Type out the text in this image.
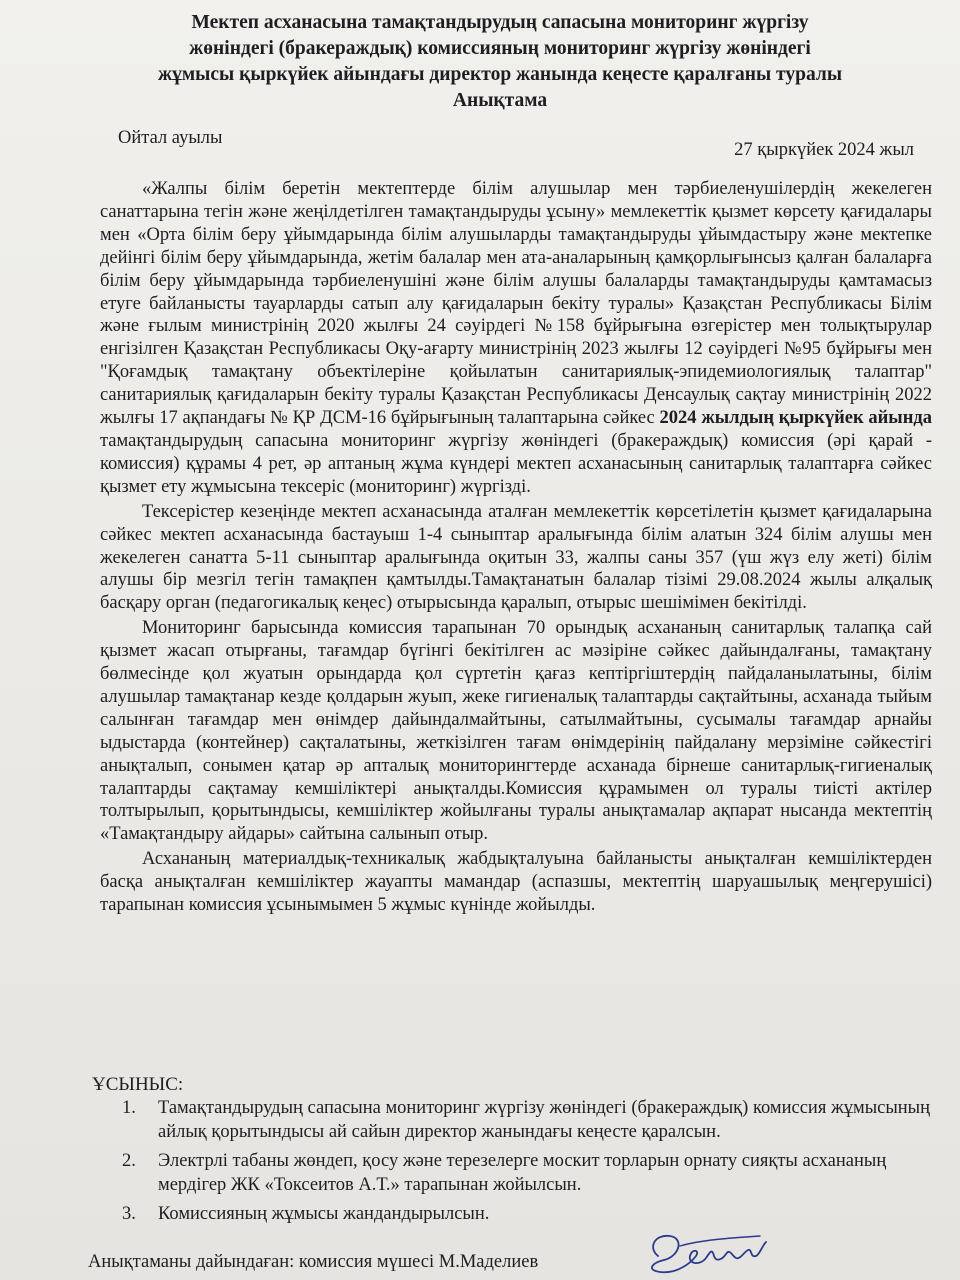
Мектеп асханасына тамақтандырудың сапасына мониторинг жүргізу
жөніндегі (бракераждық) комиссияның мониторинг жүргізу жөніндегі
жұмысы қыркүйек айындағы директор жанында кеңесте қаралғаны туралы
Анықтама
Ойтал ауылы
27 қыркүйек 2024 жыл

«Жалпы білім беретін мектептерде білім алушылар мен тәрбиеленушілердің жекелеген санаттарына тегін және жеңілдетілген тамақтандыруды ұсыну» мемлекеттік қызмет көрсету қағидалары мен «Орта білім беру ұйымдарында білім алушыларды тамақтандыруды ұйымдастыру және мектепке дейінгі білім беру ұйымдарында, жетім балалар мен ата-аналарының қамқорлығынсыз қалған балаларға білім беру ұйымдарында тәрбиеленушіні және білім алушы балаларды тамақтандыруды қамтамасыз етуге байланысты тауарларды сатып алу қағидаларын бекіту туралы» Қазақстан Республикасы Білім және ғылым министрінің 2020 жылғы 24 сәуірдегі №158 бұйрығына өзгерістер мен толықтырулар енгізілген Қазақстан Республикасы Оқу-ағарту министрінің 2023 жылғы 12 сәуірдегі №95 бұйрығы мен "Қоғамдық тамақтану объектілеріне қойылатын санитариялық-эпидемиологиялық талаптар" санитариялық қағидаларын бекіту туралы Қазақстан Республикасы Денсаулық сақтау министрінің 2022 жылғы 17 ақпандағы № ҚР ДСМ-16 бұйрығының талаптарына сәйкес 2024 жылдың қыркүйек айында тамақтандырудың сапасына мониторинг жүргізу жөніндегі (бракераждық) комиссия (әрі қарай - комиссия) құрамы 4 рет, әр аптаның жұма күндері мектеп асханасының санитарлық талаптарға сәйкес қызмет ету жұмысына тексеріс (мониторинг) жүргізді.

Тексерістер кезеңінде мектеп асханасында аталған мемлекеттік көрсетілетін қызмет қағидаларына сәйкес мектеп асханасында бастауыш 1-4 сыныптар аралығында білім алатын 324 білім алушы мен жекелеген санатта 5-11 сыныптар аралығында оқитын 33, жалпы саны 357 (үш жүз елу жеті) білім алушы бір мезгіл тегін тамақпен қамтылды.Тамақтанатын балалар тізімі 29.08.2024 жылы алқалық басқару орган (педагогикалық кеңес) отырысында қаралып, отырыс шешімімен бекітілді.

Мониторинг барысында комиссия тарапынан 70 орындық асхананың санитарлық талапқа сай қызмет жасап отырғаны, тағамдар бүгінгі бекітілген ас мәзіріне сәйкес дайындалғаны, тамақтану бөлмесінде қол жуатын орындарда қол сүртетін қағаз кептіргіштердің пайдаланылатыны, білім алушылар тамақтанар кезде қолдарын жуып, жеке гигиеналық талаптарды сақтайтыны, асханада тыйым салынған тағамдар мен өнімдер дайындалмайтыны, сатылмайтыны, сусымалы тағамдар арнайы ыдыстарда (контейнер) сақталатыны, жеткізілген тағам өнімдерінің пайдалану мерзіміне сәйкестігі анықталып, сонымен қатар әр апталық мониторингтерде асханада бірнеше санитарлық-гигиеналық талаптарды сақтамау кемшіліктері анықталды.Комиссия құрамымен ол туралы тиісті актілер толтырылып, қорытындысы, кемшіліктер жойылғаны туралы анықтамалар ақпарат нысанда мектептің «Тамақтандыру айдары» сайтына салынып отыр.

Асхананың материалдық-техникалық жабдықталуына байланысты анықталған кемшіліктерден басқа анықталған кемшіліктер жауапты мамандар (аспазшы, мектептің шаруашылық меңгерушісі) тарапынан комиссия ұсынымымен 5 жұмыс күнінде жойылды.

ҰСЫНЫС:
1. Тамақтандырудың сапасына мониторинг жүргізу жөніндегі (бракераждық) комиссия жұмысының айлық қорытындысы ай сайын директор жанындағы кеңесте қаралсын.
2. Электрлі табаны жөндеп, қосу және терезелерге москит торларын орнату сияқты асхананың мердігер ЖК «Токсеитов А.Т.» тарапынан жойылсын.
3. Комиссияның жұмысы жандандырылсын.
Анықтаманы дайындаған: комиссия мүшесі М.Маделиев
